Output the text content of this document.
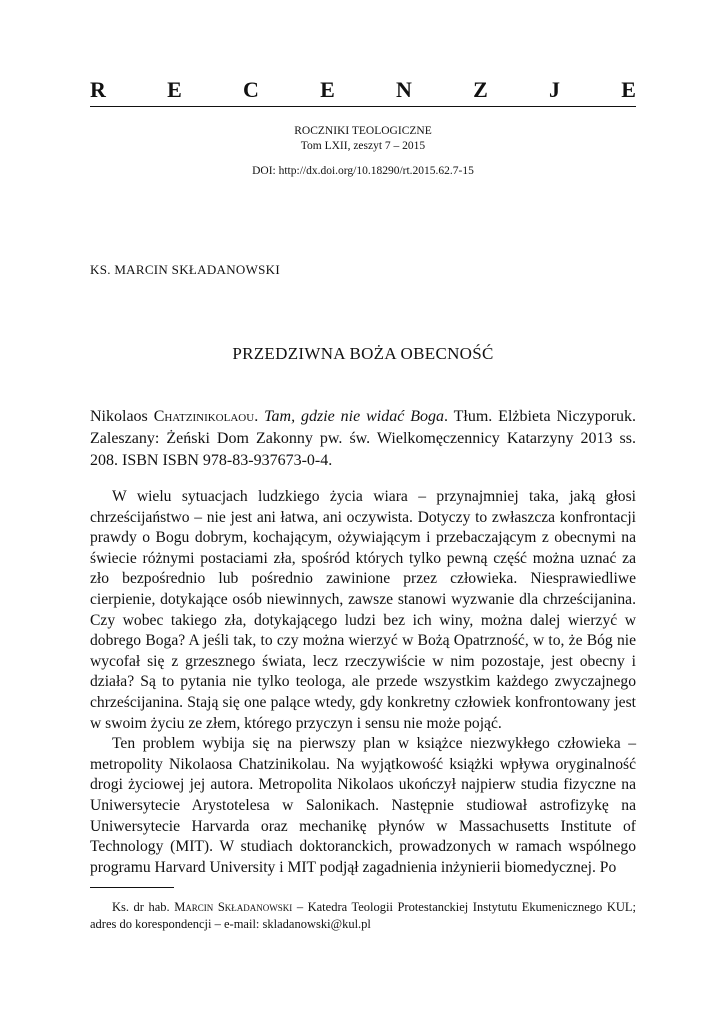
R	E	C	E	N	Z	J	E
ROCZNIKI TEOLOGICZNE
Tom LXII, zeszyt 7 – 2015
DOI: http://dx.doi.org/10.18290/rt.2015.62.7-15
KS. MARCIN SKŁADANOWSKI
PRZEDZIWNA BOŻA OBECNOŚĆ
Nikolaos Chatzinikolaou. Tam, gdzie nie widać Boga. Tłum. Elżbieta Niczyporuk. Zaleszany: Żeński Dom Zakonny pw. św. Wielkomęczennicy Katarzyny 2013 ss. 208. ISBN ISBN 978-83-937673-0-4.

W wielu sytuacjach ludzkiego życia wiara – przynajmniej taka, jaką głosi chrześcijaństwo – nie jest ani łatwa, ani oczywista. Dotyczy to zwłaszcza konfrontacji prawdy o Bogu dobrym, kochającym, ożywiającym i przebaczającym z obecnymi na świecie różnymi postaciami zła, spośród których tylko pewną część można uznać za zło bezpośrednio lub pośrednio zawinione przez człowieka. Niesprawiedliwe cierpienie, dotykające osób niewinnych, zawsze stanowi wyzwanie dla chrześcijanina. Czy wobec takiego zła, dotykającego ludzi bez ich winy, można dalej wierzyć w dobrego Boga? A jeśli tak, to czy można wierzyć w Bożą Opatrzność, w to, że Bóg nie wycofał się z grzesznego świata, lecz rzeczywiście w nim pozostaje, jest obecny i działa? Są to pytania nie tylko teologa, ale przede wszystkim każdego zwyczajnego chrześcijanina. Stają się one palące wtedy, gdy konkretny człowiek konfrontowany jest w swoim życiu ze złem, którego przyczyn i sensu nie może pojąć.

Ten problem wybija się na pierwszy plan w książce niezwykłego człowieka – metropolity Nikolaosa Chatzinikolau. Na wyjątkowość książki wpływa oryginalność drogi życiowej jej autora. Metropolita Nikolaos ukończył najpierw studia fizyczne na Uniwersytecie Arystotelesa w Salonikach. Następnie studiował astrofizykę na Uniwersytecie Harvarda oraz mechanikę płynów w Massachusetts Institute of Technology (MIT). W studiach doktoranckich, prowadzonych w ramach wspólnego programu Harvard University i MIT podjął zagadnienia inżynierii biomedycznej. Po

Ks. dr hab. Marcin Składanowski – Katedra Teologii Protestanckiej Instytutu Ekumenicznego KUL; adres do korespondencji – e-mail: skladanowski@kul.pl
